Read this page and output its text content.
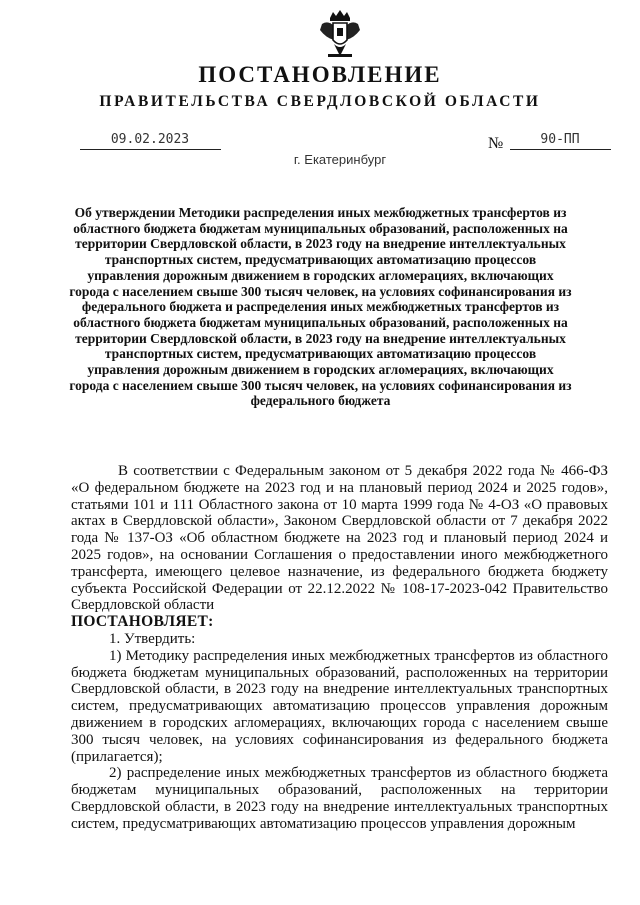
ПОСТАНОВЛЕНИЕ
ПРАВИТЕЛЬСТВА СВЕРДЛОВСКОЙ ОБЛАСТИ
09.02.2023	№	90-ПП
г. Екатеринбург

Об утверждении Методики распределения иных межбюджетных трансфертов из областного бюджета бюджетам муниципальных образований, расположенных на территории Свердловской области, в 2023 году на внедрение интеллектуальных транспортных систем, предусматривающих автоматизацию процессов управления дорожным движением в городских агломерациях, включающих города с населением свыше 300 тысяч человек, на условиях софинансирования из федерального бюджета и распределения иных межбюджетных трансфертов из областного бюджета бюджетам муниципальных образований, расположенных на территории Свердловской области, в 2023 году на внедрение интеллектуальных транспортных систем, предусматривающих автоматизацию процессов управления дорожным движением в городских агломерациях, включающих города с населением свыше 300 тысяч человек, на условиях софинансирования из федерального бюджета

В соответствии с Федеральным законом от 5 декабря 2022 года № 466-ФЗ «О федеральном бюджете на 2023 год и на плановый период 2024 и 2025 годов», статьями 101 и 111 Областного закона от 10 марта 1999 года № 4-ОЗ «О правовых актах в Свердловской области», Законом Свердловской области от 7 декабря 2022 года № 137-ОЗ «Об областном бюджете на 2023 год и плановый период 2024 и 2025 годов», на основании Соглашения о предоставлении иного межбюджетного трансферта, имеющего целевое назначение, из федерального бюджета бюджету субъекта Российской Федерации от 22.12.2022 № 108-17-2023-042 Правительство Свердловской области

ПОСТАНОВЛЯЕТ:

1. Утвердить:

1) Методику распределения иных межбюджетных трансфертов из областного бюджета бюджетам муниципальных образований, расположенных на территории Свердловской области, в 2023 году на внедрение интеллектуальных транспортных систем, предусматривающих автоматизацию процессов управления дорожным движением в городских агломерациях, включающих города с населением свыше 300 тысяч человек, на условиях софинансирования из федерального бюджета (прилагается);

2) распределение иных межбюджетных трансфертов из областного бюджета бюджетам муниципальных образований, расположенных на территории Свердловской области, в 2023 году на внедрение интеллектуальных транспортных систем, предусматривающих автоматизацию процессов управления дорожным
